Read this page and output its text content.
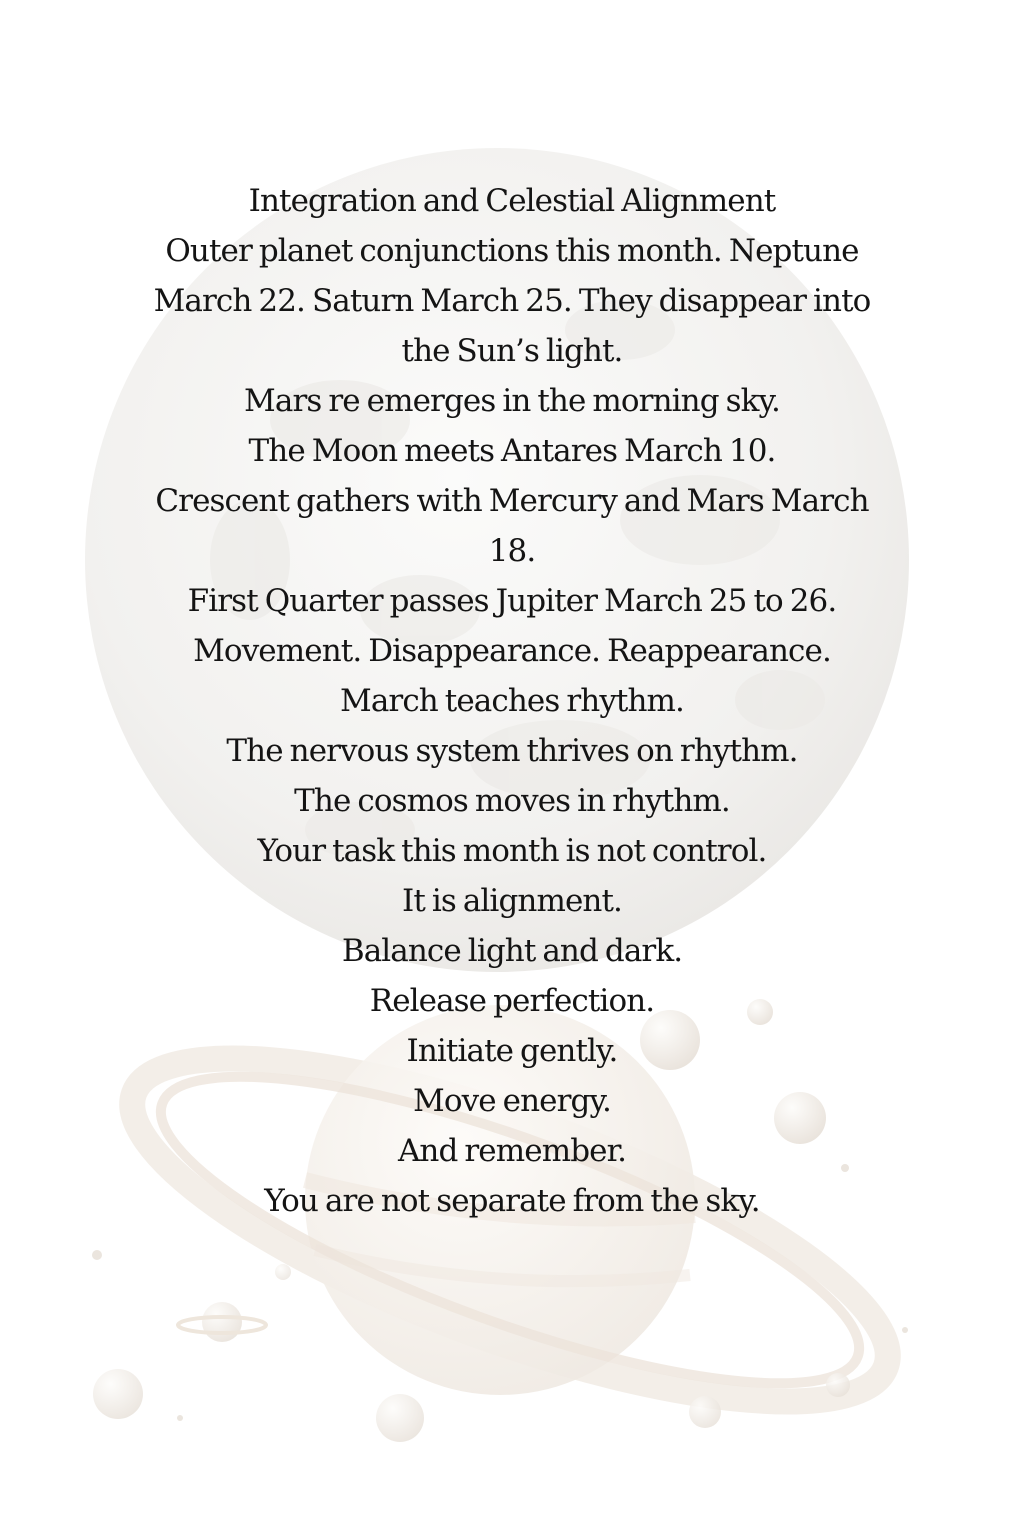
Integration and Celestial Alignment
Outer planet conjunctions this month. Neptune
March 22. Saturn March 25. They disappear into
the Sun’s light.
Mars re emerges in the morning sky.
The Moon meets Antares March 10.
Crescent gathers with Mercury and Mars March
18.
First Quarter passes Jupiter March 25 to 26.
Movement. Disappearance. Reappearance.
March teaches rhythm.
The nervous system thrives on rhythm.
The cosmos moves in rhythm.
Your task this month is not control.
It is alignment.
Balance light and dark.
Release perfection.
Initiate gently.
Move energy.
And remember.
You are not separate from the sky.
